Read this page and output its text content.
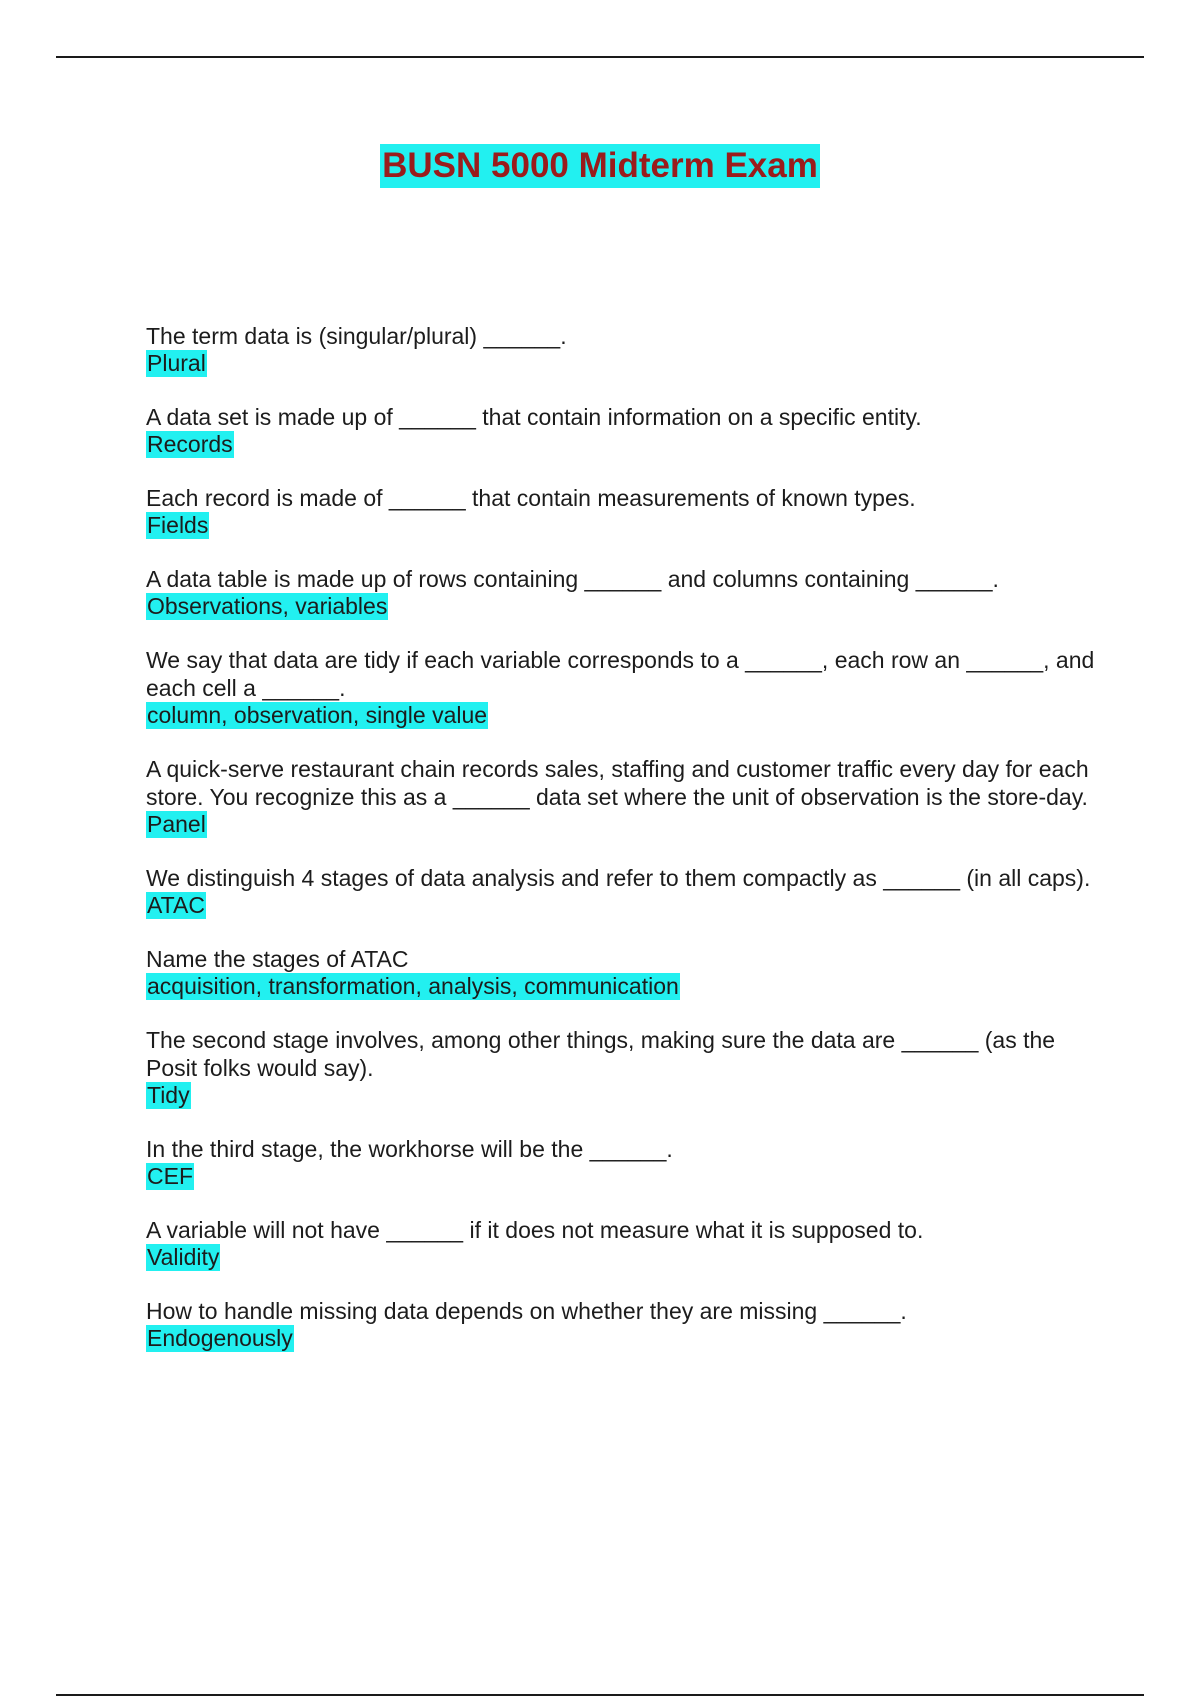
BUSN 5000 Midterm Exam

The term data is (singular/plural) ______.

Plural

A data set is made up of ______ that contain information on a specific entity.

Records

Each record is made of ______ that contain measurements of known types.

Fields

A data table is made up of rows containing ______ and columns containing ______.

Observations, variables

We say that data are tidy if each variable corresponds to a ______, each row an ______, and each cell a ______.

column, observation, single value

A quick-serve restaurant chain records sales, staffing and customer traffic every day for each store. You recognize this as a ______ data set where the unit of observation is the store-day.

Panel

We distinguish 4 stages of data analysis and refer to them compactly as ______ (in all caps).

ATAC

Name the stages of ATAC

acquisition, transformation, analysis, communication

The second stage involves, among other things, making sure the data are ______ (as the Posit folks would say).

Tidy

In the third stage, the workhorse will be the ______.

CEF

A variable will not have ______ if it does not measure what it is supposed to.

Validity

How to handle missing data depends on whether they are missing ______.

Endogenously
